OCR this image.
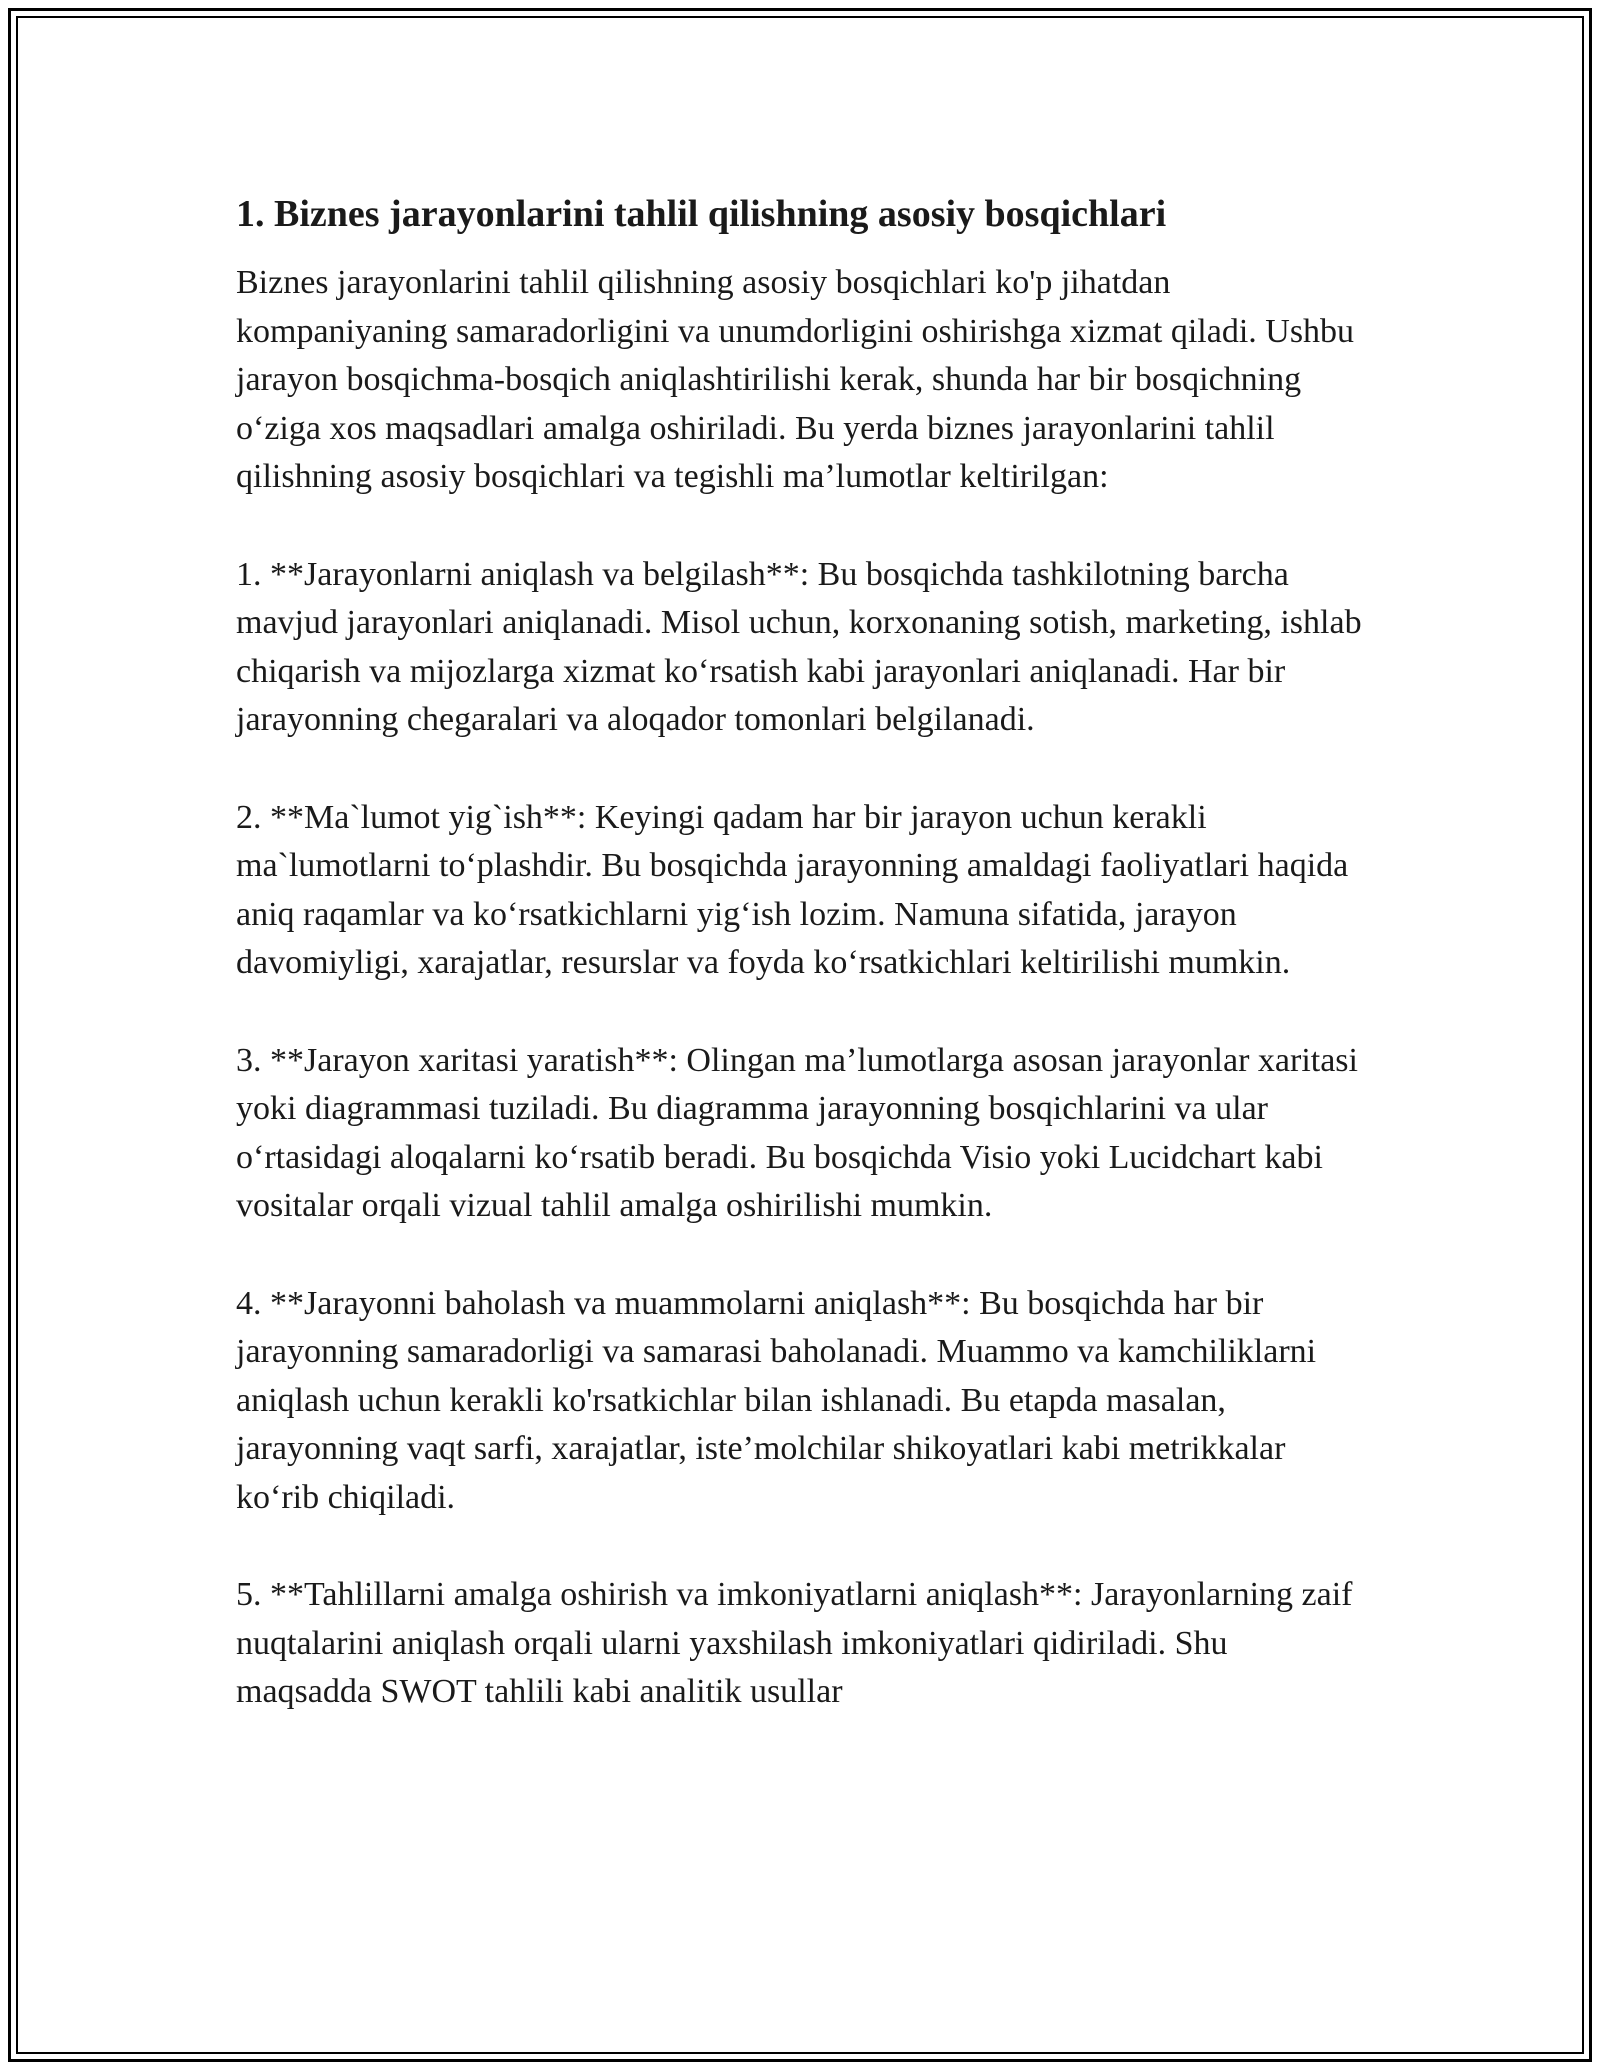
1. Biznes jarayonlarini tahlil qilishning asosiy bosqichlari

Biznes jarayonlarini tahlil qilishning asosiy bosqichlari ko'p jihatdan kompaniyaning samaradorligini va unumdorligini oshirishga xizmat qiladi. Ushbu jarayon bosqichma-bosqich aniqlashtirilishi kerak, shunda har bir bosqichning o‘ziga xos maqsadlari amalga oshiriladi. Bu yerda biznes jarayonlarini tahlil qilishning asosiy bosqichlari va tegishli ma’lumotlar keltirilgan:

1. **Jarayonlarni aniqlash va belgilash**: Bu bosqichda tashkilotning barcha mavjud jarayonlari aniqlanadi. Misol uchun, korxonaning sotish, marketing, ishlab chiqarish va mijozlarga xizmat ko‘rsatish kabi jarayonlari aniqlanadi. Har bir jarayonning chegaralari va aloqador tomonlari belgilanadi.

2. **Ma`lumot yig`ish**: Keyingi qadam har bir jarayon uchun kerakli ma`lumotlarni to‘plashdir. Bu bosqichda jarayonning amaldagi faoliyatlari haqida aniq raqamlar va ko‘rsatkichlarni yig‘ish lozim. Namuna sifatida, jarayon davomiyligi, xarajatlar, resurslar va foyda ko‘rsatkichlari keltirilishi mumkin.

3. **Jarayon xaritasi yaratish**: Olingan ma’lumotlarga asosan jarayonlar xaritasi yoki diagrammasi tuziladi. Bu diagramma jarayonning bosqichlarini va ular o‘rtasidagi aloqalarni ko‘rsatib beradi. Bu bosqichda Visio yoki Lucidchart kabi vositalar orqali vizual tahlil amalga oshirilishi mumkin.

4. **Jarayonni baholash va muammolarni aniqlash**: Bu bosqichda har bir jarayonning samaradorligi va samarasi baholanadi. Muammo va kamchiliklarni aniqlash uchun kerakli ko'rsatkichlar bilan ishlanadi. Bu etapda masalan, jarayonning vaqt sarfi, xarajatlar, iste’molchilar shikoyatlari kabi metrikkalar ko‘rib chiqiladi.

5. **Tahlillarni amalga oshirish va imkoniyatlarni aniqlash**: Jarayonlarning zaif nuqtalarini aniqlash orqali ularni yaxshilash imkoniyatlari qidiriladi. Shu maqsadda SWOT tahlili kabi analitik usullar
